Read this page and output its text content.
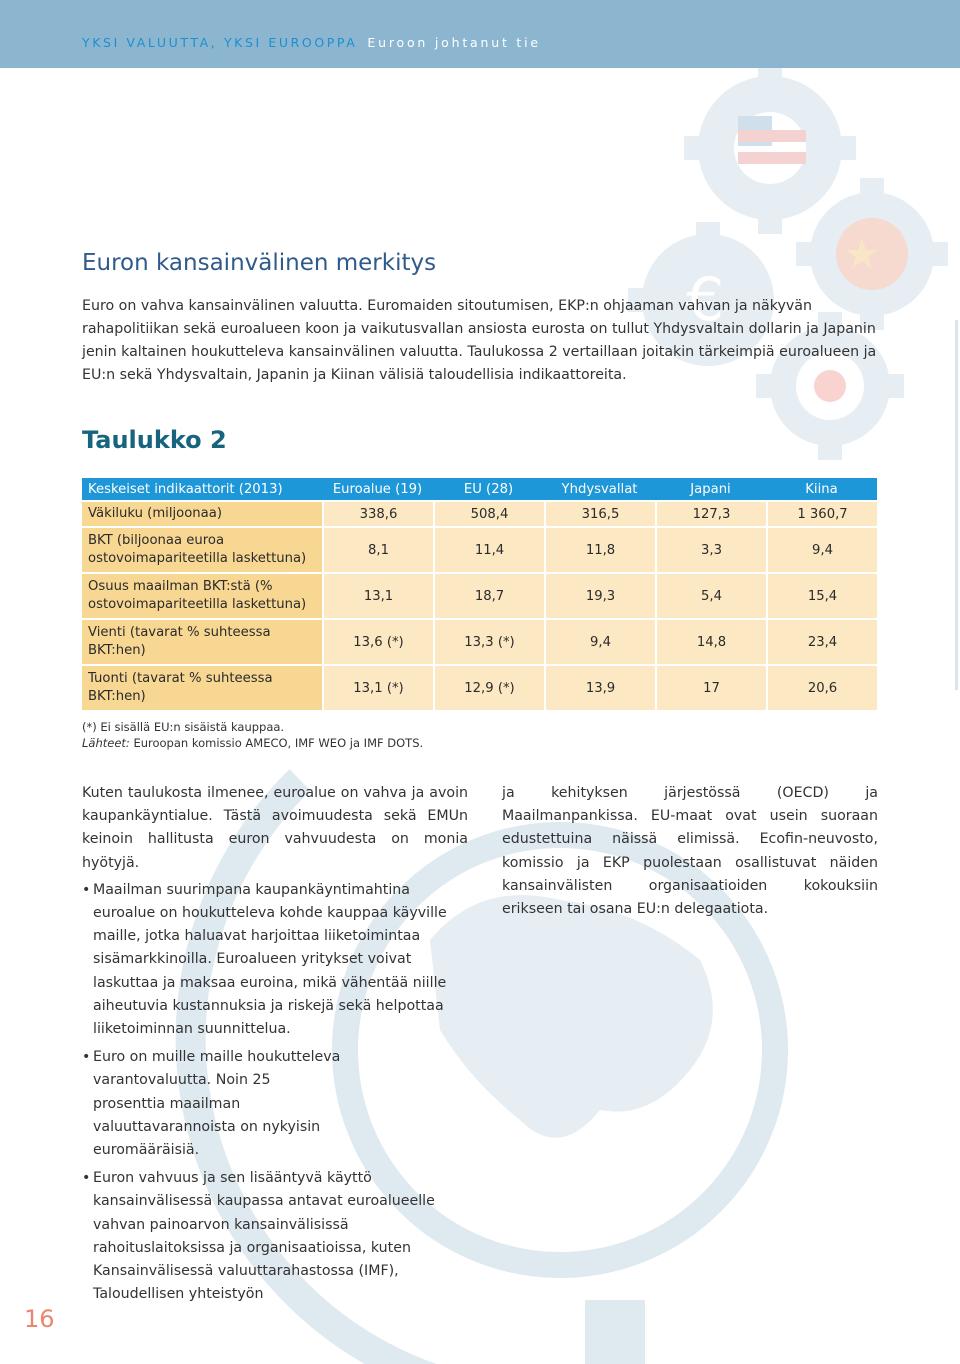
€
YKSI VALUUTTA, YKSI EUROOPPA Euroon johtanut tie
Euron kansainvälinen merkitys
Euro on vahva kansainvälinen valuutta. Euromaiden sitoutumisen, EKP:n ohjaaman vahvan ja näkyvän rahapolitiikan sekä euroalueen koon ja vaikutusvallan ansiosta eurosta on tullut Yhdysvaltain dollarin ja Japanin jenin kaltainen houkutteleva kansainvälinen valuutta. Taulukossa 2 vertaillaan joitakin tärkeimpiä euroalueen ja EU:n sekä Yhdysvaltain, Japanin ja Kiinan välisiä taloudellisia indikaattoreita.
Taulukko 2
Keskeiset indikaattorit (2013)	Euroalue (19)	EU (28)	Yhdysvallat	Japani	Kiina
Väkiluku (miljoonaa)	338,6	508,4	316,5	127,3	1 360,7
BKT (biljoonaa euroa ostovoimapariteetilla laskettuna)	8,1	11,4	11,8	3,3	9,4
Osuus maailman BKT:stä (% ostovoimapariteetilla laskettuna)	13,1	18,7	19,3	5,4	15,4
Vienti (tavarat % suhteessa BKT:hen)	13,6 (*)	13,3 (*)	9,4	14,8	23,4
Tuonti (tavarat % suhteessa BKT:hen)	13,1 (*)	12,9 (*)	13,9	17	20,6
(*) Ei sisällä EU:n sisäistä kauppaa.
Lähteet: Euroopan komissio AMECO, IMF WEO ja IMF DOTS.

Kuten taulukosta ilmenee, euroalue on vahva ja avoin kaupankäyntialue. Tästä avoimuudesta sekä EMUn keinoin hallitusta euron vahvuudesta on monia hyötyjä.

• Maailman suurimpana kaupankäyntimahtina euroalue on houkutteleva kohde kauppaa käyville maille, jotka haluavat harjoittaa liiketoimintaa sisämarkkinoilla. Euroalueen yritykset voivat laskuttaa ja maksaa euroina, mikä vähentää niille aiheutuvia kustannuksia ja riskejä sekä helpottaa liiketoiminnan suunnittelua.
• Euro on muille maille houkutteleva varantovaluutta. Noin 25 prosenttia maailman valuuttavarannoista on nykyisin euromääräisiä.
• Euron vahvuus ja sen lisääntyvä käyttö kansainvälisessä kaupassa antavat euroalueelle vahvan painoarvon kansainvälisissä rahoituslaitoksissa ja organisaatioissa, kuten Kansainvälisessä valuuttarahastossa (IMF), Taloudellisen yhteistyön

ja kehityksen järjestössä (OECD) ja Maailmanpankissa. EU-maat ovat usein suoraan edustettuina näissä elimissä. Ecofin-neuvosto, komissio ja EKP puolestaan osallistuvat näiden kansainvälisten organisaatioiden kokouksiin erikseen tai osana EU:n delegaatiota.

16
